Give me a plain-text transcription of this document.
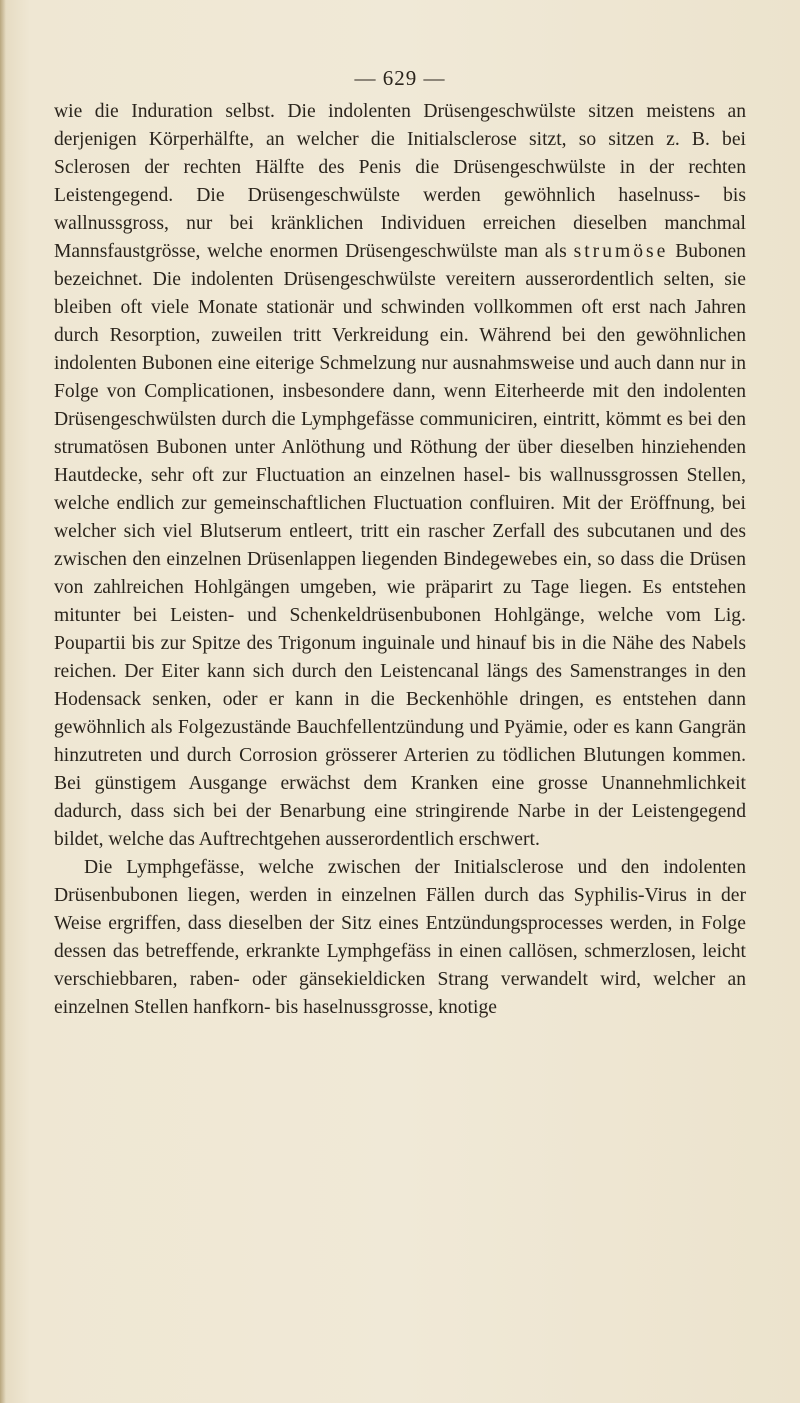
— 629 —

wie die Induration selbst. Die indolenten Drüsengeschwülste sitzen meistens an derjenigen Körperhälfte, an welcher die Initialsclerose sitzt, so sitzen z. B. bei Sclerosen der rechten Hälfte des Penis die Drüsengeschwülste in der rechten Leistengegend. Die Drüsengeschwülste werden gewöhnlich haselnuss- bis wallnussgross, nur bei kränklichen Individuen erreichen dieselben manchmal Mannsfaustgrösse, welche enormen Drüsengeschwülste man als strumöse Bubonen bezeichnet. Die indolenten Drüsengeschwülste vereitern ausserordentlich selten, sie bleiben oft viele Monate stationär und schwinden vollkommen oft erst nach Jahren durch Resorption, zuweilen tritt Verkreidung ein. Während bei den gewöhnlichen indolenten Bubonen eine eiterige Schmelzung nur ausnahmsweise und auch dann nur in Folge von Complicationen, insbesondere dann, wenn Eiterheerde mit den indolenten Drüsengeschwülsten durch die Lymphgefässe communiciren, eintritt, kömmt es bei den strumatösen Bubonen unter Anlöthung und Röthung der über dieselben hinziehenden Hautdecke, sehr oft zur Fluctuation an einzelnen hasel- bis wallnussgrossen Stellen, welche endlich zur gemeinschaftlichen Fluctuation confluiren. Mit der Eröffnung, bei welcher sich viel Blutserum entleert, tritt ein rascher Zerfall des subcutanen und des zwischen den einzelnen Drüsenlappen liegenden Bindegewebes ein, so dass die Drüsen von zahlreichen Hohlgängen umgeben, wie präparirt zu Tage liegen. Es entstehen mitunter bei Leisten- und Schenkeldrüsenbubonen Hohlgänge, welche vom Lig. Poupartii bis zur Spitze des Trigonum inguinale und hinauf bis in die Nähe des Nabels reichen. Der Eiter kann sich durch den Leistencanal längs des Samenstranges in den Hodensack senken, oder er kann in die Beckenhöhle dringen, es entstehen dann gewöhnlich als Folgezustände Bauchfellentzündung und Pyämie, oder es kann Gangrän hinzutreten und durch Corrosion grösserer Arterien zu tödlichen Blutungen kommen. Bei günstigem Ausgange erwächst dem Kranken eine grosse Unannehmlichkeit dadurch, dass sich bei der Benarbung eine stringirende Narbe in der Leistengegend bildet, welche das Auftrechtgehen ausserordentlich erschwert.

Die Lymphgefässe, welche zwischen der Initialsclerose und den indolenten Drüsenbubonen liegen, werden in einzelnen Fällen durch das Syphilis-Virus in der Weise ergriffen, dass dieselben der Sitz eines Entzündungsprocesses werden, in Folge dessen das betreffende, erkrankte Lymphgefäss in einen callösen, schmerzlosen, leicht verschiebbaren, raben- oder gänsekieldicken Strang verwandelt wird, welcher an einzelnen Stellen hanfkorn- bis haselnussgrosse, knotige
